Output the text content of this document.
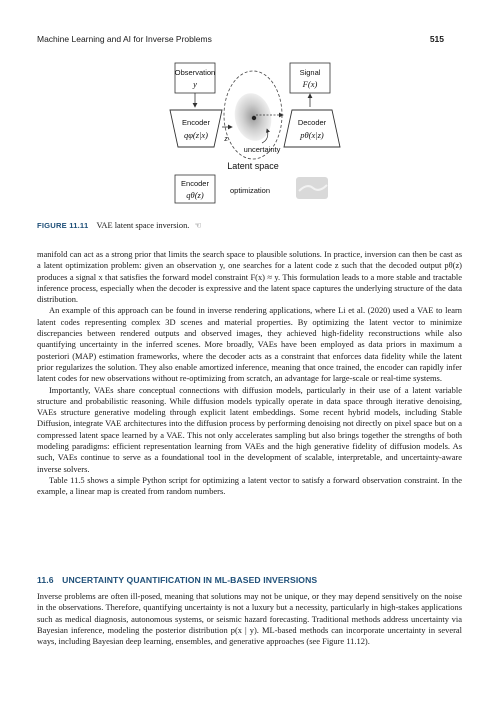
Machine Learning and AI for Inverse Problems	515
Observation
y
Signal
F(x)
Encoder
qφ(z|x)
Decoder
pθ(x|z)
z
uncertainty
Latent space
Encoder
qθ(z)	optimization
FIGURE 11.11 VAE latent space inversion. ☜

manifold can act as a strong prior that limits the search space to plausible solutions. In practice, inversion can then be cast as a latent optimization problem: given an observation y, one searches for a latent code z such that the decoded output pθ(z) produces a signal x that satisfies the forward model constraint F(x) ≈ y. This formulation leads to a more stable and tractable inference process, especially when the decoder is expressive and the latent space captures the underlying structure of the data distribution.

An example of this approach can be found in inverse rendering applications, where Li et al. (2020) used a VAE to learn latent codes representing complex 3D scenes and material properties. By optimizing the latent vector to minimize discrepancies between rendered outputs and observed images, they achieved high-fidelity reconstructions while also quantifying uncertainty in the inferred scenes. More broadly, VAEs have been employed as data priors in maximum a posteriori (MAP) estimation frameworks, where the decoder acts as a constraint that enforces data fidelity while the latent prior regularizes the solution. They also enable amortized inference, meaning that once trained, the encoder can rapidly infer latent codes for new observations without re-optimizing from scratch, an advantage for large-scale or real-time systems.

Importantly, VAEs share conceptual connections with diffusion models, particularly in their use of a latent variable structure and probabilistic reasoning. While diffusion models typically operate in data space through iterative denoising, VAEs structure generative modeling through explicit latent embeddings. Some recent hybrid models, including Stable Diffusion, integrate VAE architectures into the diffusion process by performing denoising not directly on pixel space but on a compressed latent space learned by a VAE. This not only accelerates sampling but also brings together the strengths of both modeling paradigms: efficient representation learning from VAEs and the high generative fidelity of diffusion models. As such, VAEs continue to serve as a foundational tool in the development of scalable, interpretable, and uncertainty-aware inverse solvers.

Table 11.5 shows a simple Python script for optimizing a latent vector to satisfy a forward observation constraint. In the example, a linear map is created from random numbers.

11.6 UNCERTAINTY QUANTIFICATION IN ML-BASED INVERSIONS

Inverse problems are often ill-posed, meaning that solutions may not be unique, or they may depend sensitively on the noise in the observations. Therefore, quantifying uncertainty is not a luxury but a necessity, particularly in high-stakes applications such as medical diagnosis, autonomous systems, or seismic hazard forecasting. Traditional methods address uncertainty via Bayesian inference, modeling the posterior distribution p(x | y). ML-based methods can incorporate uncertainty in several ways, including Bayesian deep learning, ensembles, and generative approaches (see Figure 11.12).
